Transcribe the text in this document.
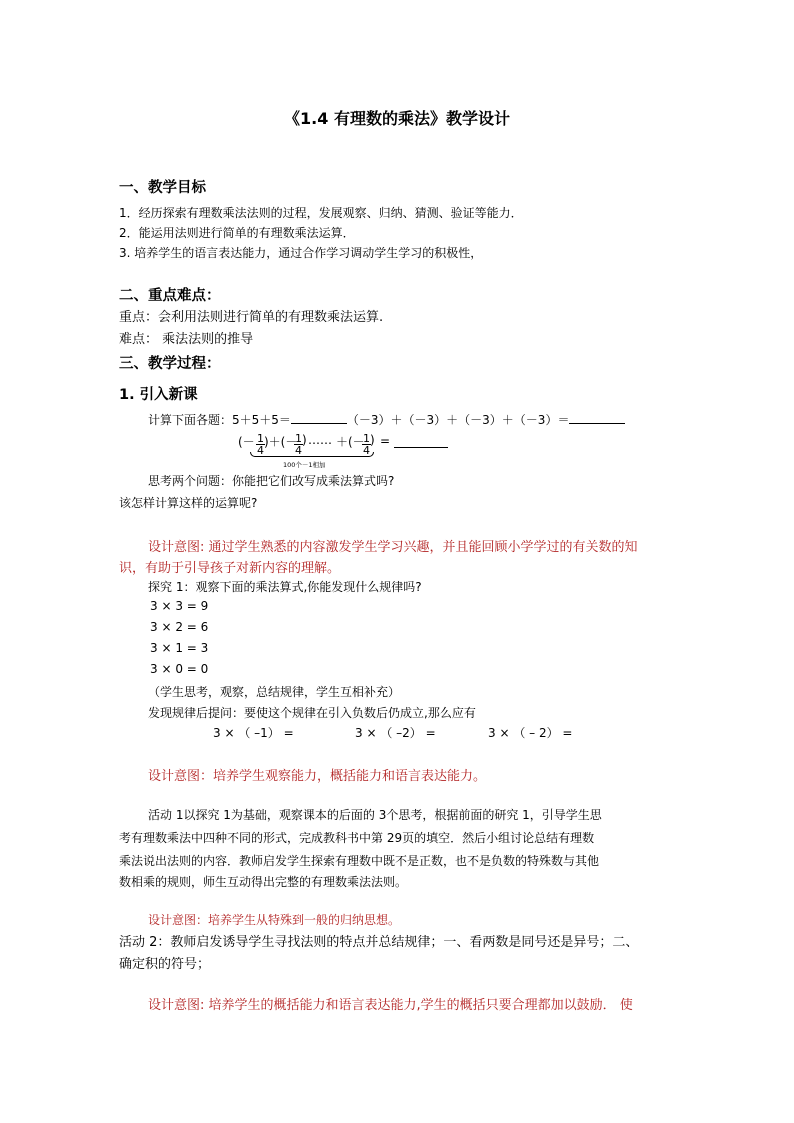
《1.4 有理数的乘法》教学设计
一、教学目标
1．经历探索有理数乘法法则的过程，发展观察、归纳、猜测、验证等能力．
2．能运用法则进行简单的有理数乘法运算．
3. 培养学生的语言表达能力，通过合作学习调动学生学习的积极性，
二、重点难点：
重点：会利用法则进行简单的有理数乘法运算.
难点： 乘法法则的推导
三、教学过程：
1. 引入新课
计算下面各题：5＋5＋5＝	（－3）＋（－3）＋（－3）＋（－3）＝
(－ $\frac{1}{4}$ )＋(－
$\frac{1}{4}$ ) …… ＋(－
$\frac{1}{4}$ ) =
100个－1相加
思考两个问题：你能把它们改写成乘法算式吗?
该怎样计算这样的运算呢?
设计意图: 通过学生熟悉的内容激发学生学习兴趣，并且能回顾小学学过的有关数的知
识，有助于引导孩子对新内容的理解。
探究 1：观察下面的乘法算式,你能发现什么规律吗?
3 × 3 = 9
3 × 2 = 6
3 × 1 = 3
3 × 0 = 0
（学生思考，观察，总结规律，学生互相补充）
发现规律后提问：要使这个规律在引入负数后仍成立,那么应有
3 × （ –1） =	3 × （ –2） =	3 × （ – 2） =
设计意图：培养学生观察能力，概括能力和语言表达能力。
活动 1以探究 1为基础，观察课本的后面的 3个思考，根据前面的研究 1，引导学生思
考有理数乘法中四种不同的形式，完成教科书中第 29页的填空．然后小组讨论总结有理数
乘法说出法则的内容．教师启发学生探索有理数中既不是正数，也不是负数的特殊数与其他
数相乘的规则，师生互动得出完整的有理数乘法法则。
设计意图：培养学生从特殊到一般的归纳思想。
活动 2：教师启发诱导学生寻找法则的特点并总结规律；一、看两数是同号还是异号；二、
确定积的符号；
设计意图: 培养学生的概括能力和语言表达能力,学生的概括只要合理都加以鼓励． 使
